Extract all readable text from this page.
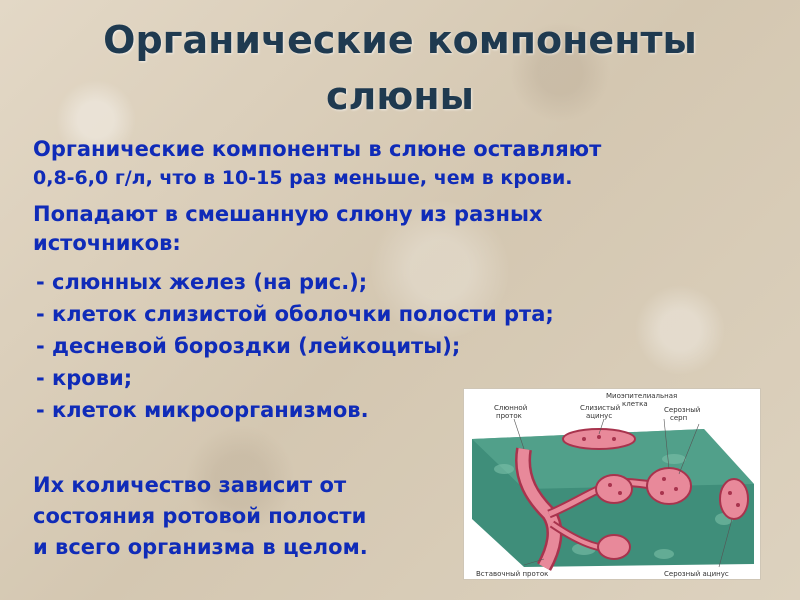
Органические компоненты
слюны
Органические компоненты в слюне оставляют
0,8-6,0 г/л, что в 10-15 раз меньше, чем в крови.
Попадают в смешанную слюну из разных
источников:
- слюнных желез (на рис.);
- клеток слизистой оболочки полости рта;
- десневой бороздки (лейкоциты);
- крови;
- клеток микроорганизмов.
Их количество зависит от
состояния ротовой полости
и всего организма в целом.
Миоэпителиальная
клетка
Слюнной
проток
Слизистый
ацинус
Серозный
серп
Вставочный проток	Серозный ацинус
